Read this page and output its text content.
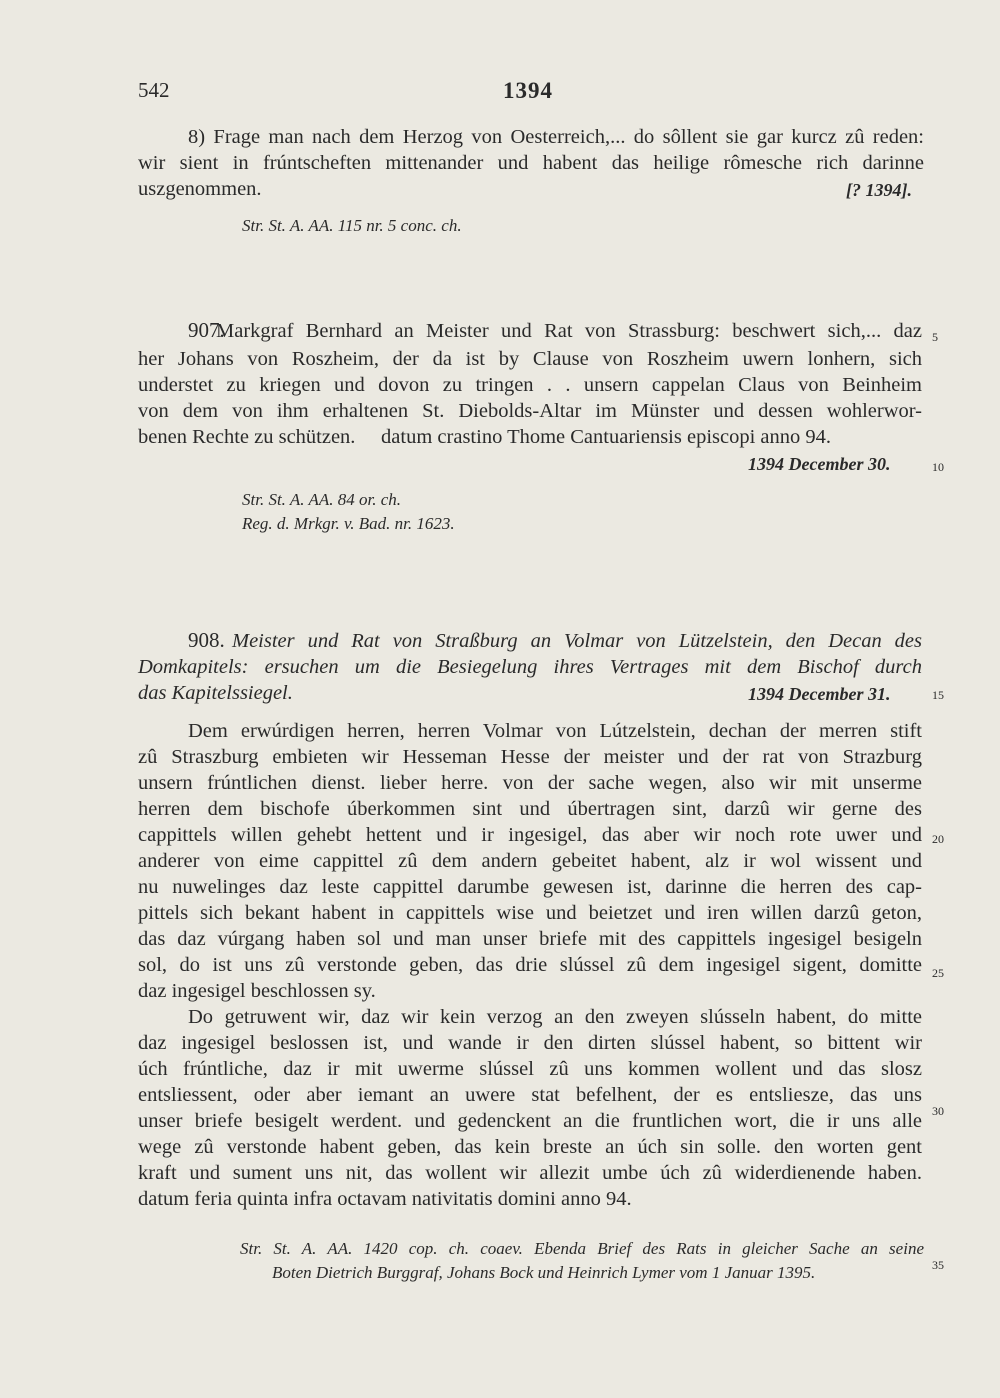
542	1394
8) Frage man nach dem Herzog von Oesterreich,... do sôllent sie gar kurcz zû reden:
wir sient in frúntscheften mittenander und habent das heilige rômesche rich darinne
uszgenommen.	[? 1394].
Str. St. A. AA. 115 nr. 5 conc. ch.
907.
Markgraf Bernhard an Meister und Rat von Strassburg: beschwert sich,... daz
her Johans von Roszheim, der da ist by Clause von Roszheim uwern lonhern, sich
understet zu kriegen und dovon zu tringen . . unsern cappelan Claus von Beinheim
von dem von ihm erhaltenen St. Diebolds-Altar im Münster und dessen wohlerwor-
benen Rechte zu schützen.     datum crastino Thome Cantuariensis episcopi anno 94.
1394 December 30.
Str. St. A. AA. 84 or. ch.
Reg. d. Mrkgr. v. Bad. nr. 1623.
908. Meister und Rat von Straßburg an Volmar von Lützelstein, den Decan des
Domkapitels: ersuchen um die Besiegelung ihres Vertrages mit dem Bischof durch
das Kapitelssiegel.	1394 December 31.
Dem erwúrdigen herren, herren Volmar von Lútzelstein, dechan der merren stift
zû Straszburg embieten wir Hesseman Hesse der meister und der rat von Strazburg
unsern frúntlichen dienst. lieber herre. von der sache wegen, also wir mit unserme
herren dem bischofe úberkommen sint und úbertragen sint, darzû wir gerne des
cappittels willen gehebt hettent und ir ingesigel, das aber wir noch rote uwer und
anderer von eime cappittel zû dem andern gebeitet habent, alz ir wol wissent und
nu nuwelinges daz leste cappittel darumbe gewesen ist, darinne die herren des cap-
pittels sich bekant habent in cappittels wise und beietzet und iren willen darzû geton,
das daz vúrgang haben sol und man unser briefe mit des cappittels ingesigel besigeln
sol, do ist uns zû verstonde geben, das drie slússel zû dem ingesigel sigent, domitte
daz ingesigel beschlossen sy.
Do getruwent wir, daz wir kein verzog an den zweyen slússeln habent, do mitte
daz ingesigel beslossen ist, und wande ir den dirten slússel habent, so bittent wir
úch frúntliche, daz ir mit uwerme slússel zû uns kommen wollent und das slosz
entsliessent, oder aber iemant an uwere stat befelhent, der es entsliesze, das uns
unser briefe besigelt werdent. und gedenckent an die fruntlichen wort, die ir uns alle
wege zû verstonde habent geben, das kein breste an úch sin solle. den worten gent
kraft und sument uns nit, das wollent wir allezit umbe úch zû widerdienende haben.
datum feria quinta infra octavam nativitatis domini anno 94.
Str. St. A. AA. 1420 cop. ch. coaev. Ebenda Brief des Rats in gleicher Sache an seine
Boten Dietrich Burggraf, Johans Bock und Heinrich Lymer vom 1 Januar 1395.
5
10
15
20
25
30
35
